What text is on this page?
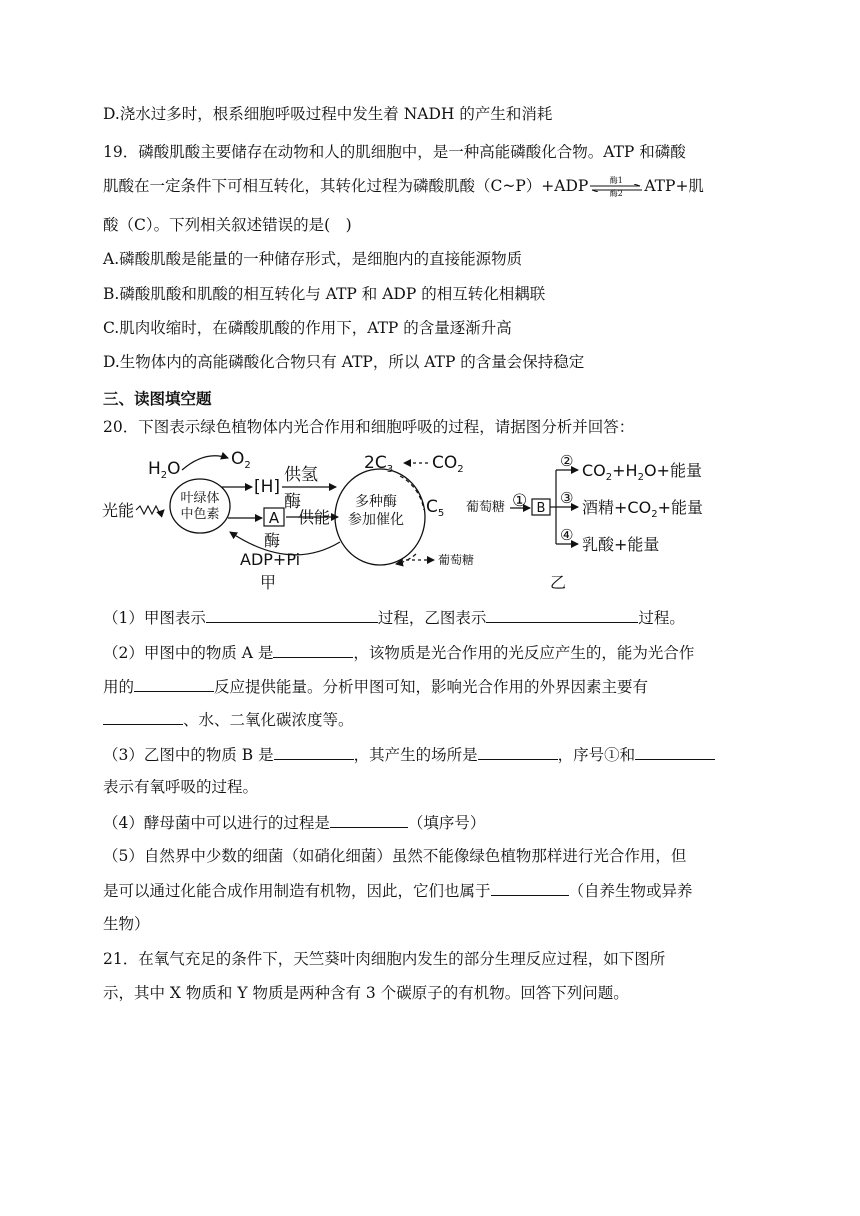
D.浇水过多时，根系细胞呼吸过程中发生着 NADH 的产生和消耗
19．磷酸肌酸主要储存在动物和人的肌细胞中，是一种高能磷酸化合物。ATP 和磷酸
肌酸在一定条件下可相互转化，其转化过程为磷酸肌酸（C~P）+ADP	酶1
酶2	ATP+肌
酸（C）。下列相关叙述错误的是(　)
A.磷酸肌酸是能量的一种储存形式，是细胞内的直接能源物质
B.磷酸肌酸和肌酸的相互转化与 ATP 和 ADP 的相互转化相耦联
C.肌肉收缩时，在磷酸肌酸的作用下，ATP 的含量逐渐升高
D.生物体内的高能磷酸化合物只有 ATP，所以 ATP 的含量会保持稳定
三、读图填空题
20．下图表示绿色植物体内光合作用和细胞呼吸的过程，请据图分析并回答：
$H_2O$	$O_2$
叶绿体
中色素
光能
[H]
供氢
酶
A
酶
供能
多种酶
参加催化
$2C_3$ $CO_2$
$C_5$
ADP+Pi	葡萄糖
甲
葡萄糖 ① B
②
③
④
$CO_2+H_2O+$能量
酒精$+CO_2+$能量
乳酸+能量
乙
（1）甲图表示	过程，乙图表示	过程。
（2）甲图中的物质 A 是	，该物质是光合作用的光反应产生的，能为光合作
用的	反应提供能量。分析甲图可知，影响光合作用的外界因素主要有
、水、二氧化碳浓度等。
（3）乙图中的物质 B 是	，其产生的场所是	，序号①和
表示有氧呼吸的过程。
（4）酵母菌中可以进行的过程是	（填序号）
（5）自然界中少数的细菌（如硝化细菌）虽然不能像绿色植物那样进行光合作用，但
是可以通过化能合成作用制造有机物，因此，它们也属于	（自养生物或异养
生物）
21．在氧气充足的条件下，天竺葵叶肉细胞内发生的部分生理反应过程，如下图所
示，其中 X 物质和 Y 物质是两种含有 3 个碳原子的有机物。回答下列问题。
